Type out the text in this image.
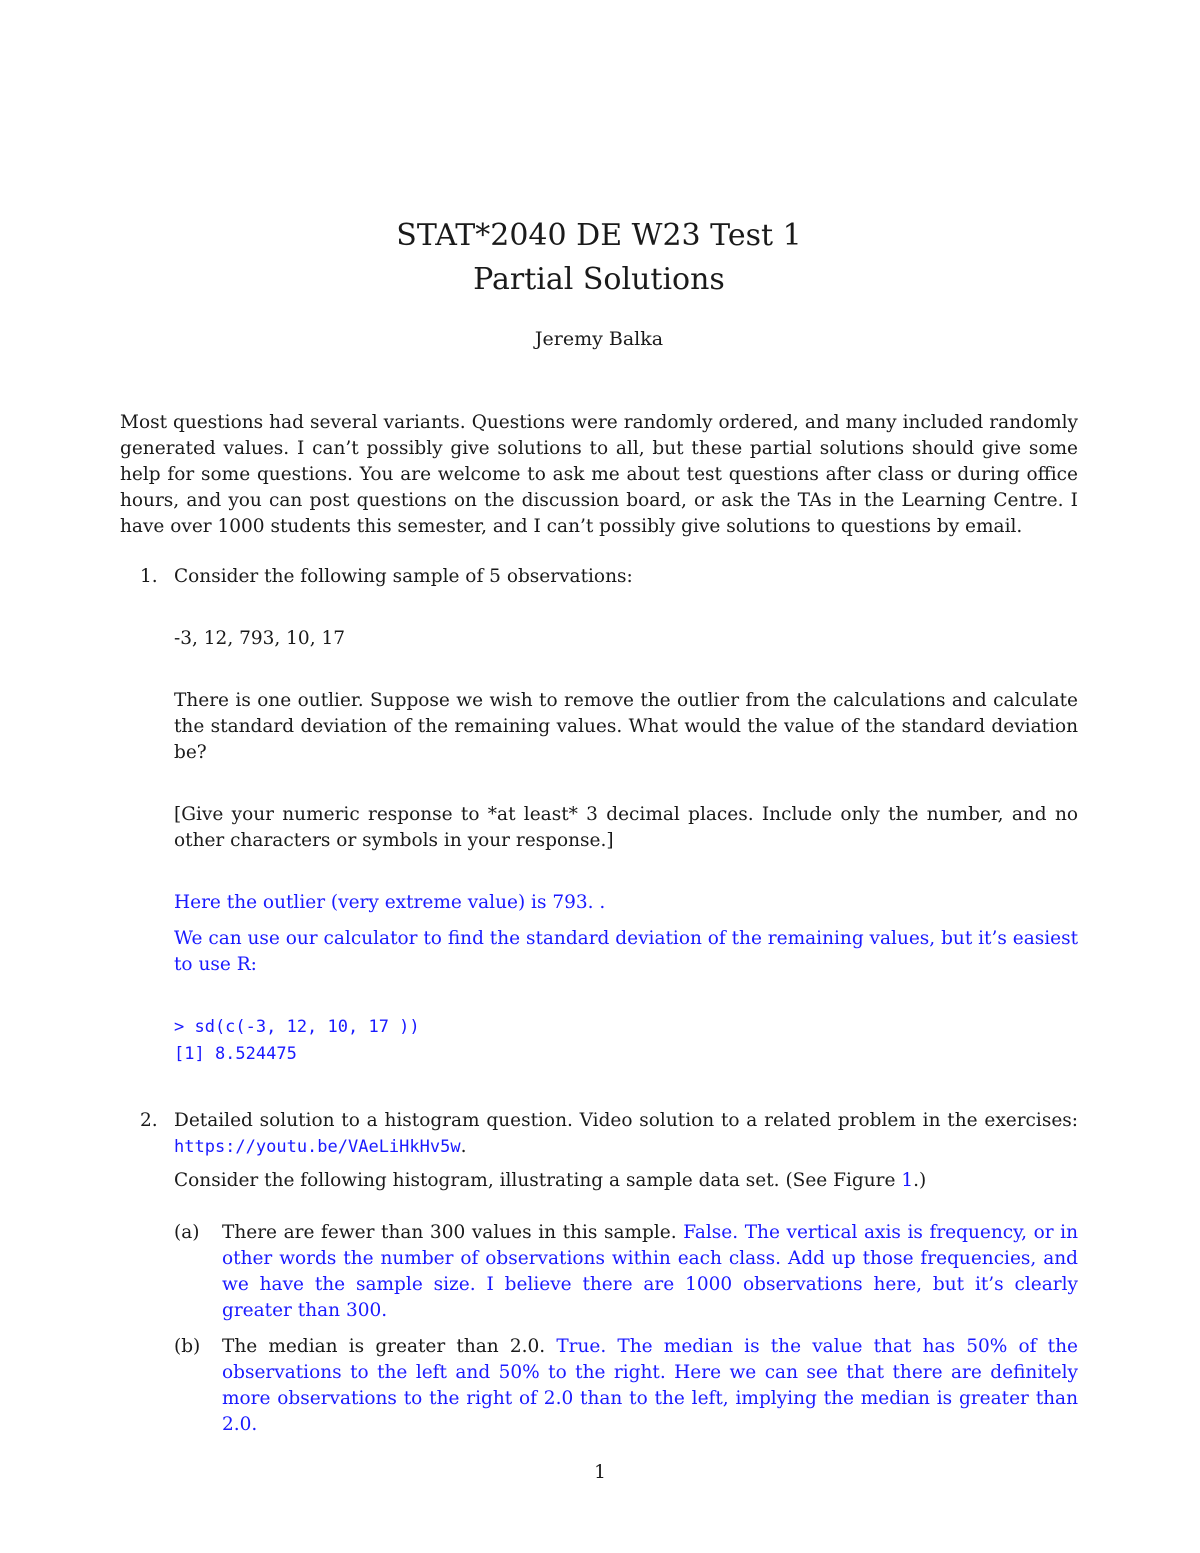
STAT*2040 DE W23 Test 1
Partial Solutions
Jeremy Balka

Most questions had several variants. Questions were randomly ordered, and many included randomly generated values. I can’t possibly give solutions to all, but these partial solutions should give some help for some questions. You are welcome to ask me about test questions after class or during office hours, and you can post questions on the discussion board, or ask the TAs in the Learning Centre. I have over 1000 students this semester, and I can’t possibly give solutions to questions by email.

1. Consider the following sample of 5 observations:

-3, 12, 793, 10, 17

There is one outlier. Suppose we wish to remove the outlier from the calculations and calculate the standard deviation of the remaining values. What would the value of the standard deviation be?

[Give your numeric response to *at least* 3 decimal places. Include only the number, and no other characters or symbols in your response.]

Here the outlier (very extreme value) is 793. .

We can use our calculator to find the standard deviation of the remaining values, but it’s easiest to use R:

> sd(c(-3, 12, 10, 17 ))
[1] 8.524475
2. Detailed solution to a histogram question. Video solution to a related problem in the exercises: https://youtu.be/VAeLiHkHv5w.

Consider the following histogram, illustrating a sample data set. (See Figure 1.)

(a) There are fewer than 300 values in this sample. False. The vertical axis is frequency, or in other words the number of observations within each class. Add up those frequencies, and we have the sample size. I believe there are 1000 observations here, but it’s clearly greater than 300.

(b) The median is greater than 2.0. True. The median is the value that has 50% of the observations to the left and 50% to the right. Here we can see that there are definitely more observations to the right of 2.0 than to the left, implying the median is greater than 2.0.

1
